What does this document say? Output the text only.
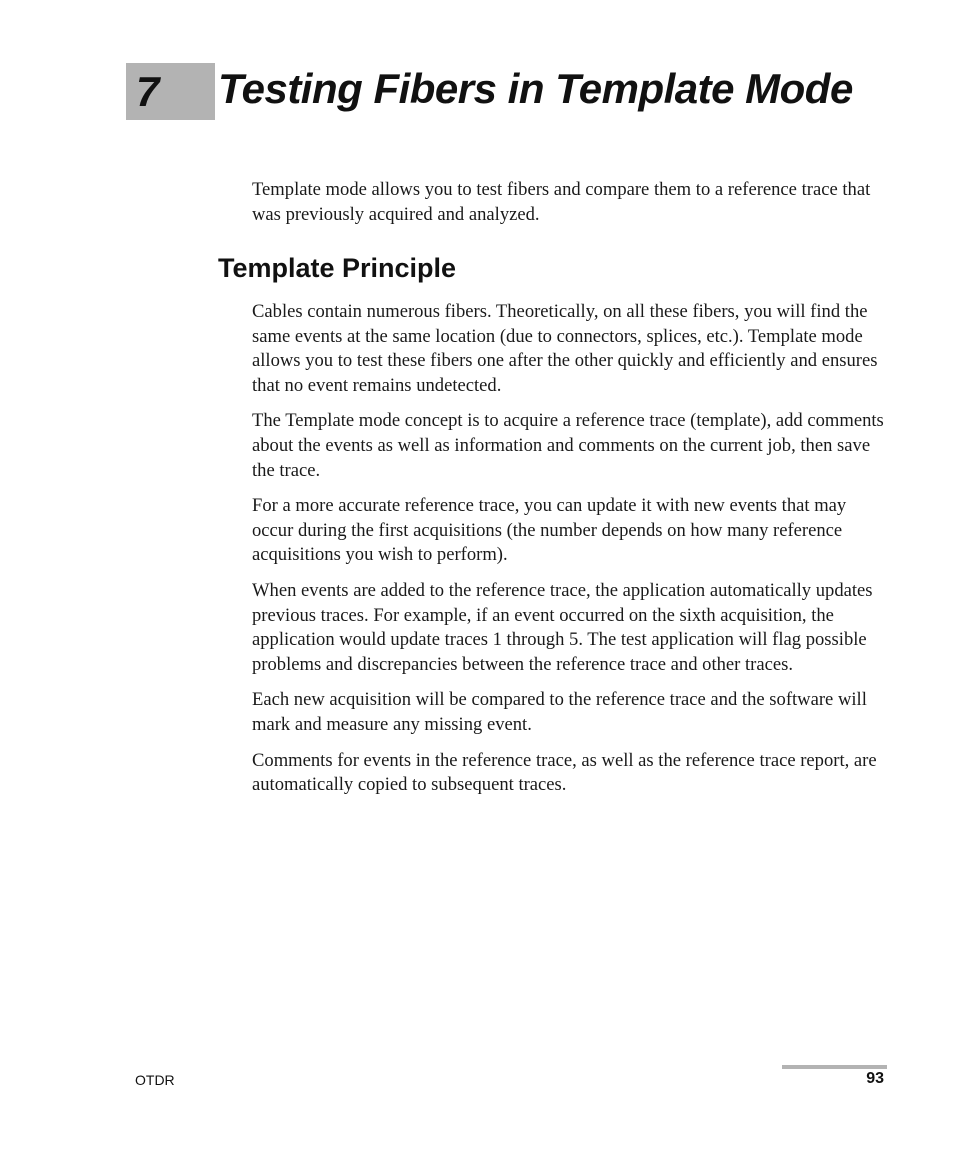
7 Testing Fibers in Template Mode

Template mode allows you to test fibers and compare them to a reference trace that was previously acquired and analyzed.

Template Principle

Cables contain numerous fibers. Theoretically, on all these fibers, you will find the same events at the same location (due to connectors, splices, etc.). Template mode allows you to test these fibers one after the other quickly and efficiently and ensures that no event remains undetected.

The Template mode concept is to acquire a reference trace (template), add comments about the events as well as information and comments on the current job, then save the trace.

For a more accurate reference trace, you can update it with new events that may occur during the first acquisitions (the number depends on how many reference acquisitions you wish to perform).

When events are added to the reference trace, the application automatically updates previous traces. For example, if an event occurred on the sixth acquisition, the application would update traces 1 through 5. The test application will flag possible problems and discrepancies between the reference trace and other traces.

Each new acquisition will be compared to the reference trace and the software will mark and measure any missing event.

Comments for events in the reference trace, as well as the reference trace report, are automatically copied to subsequent traces.

OTDR	93
